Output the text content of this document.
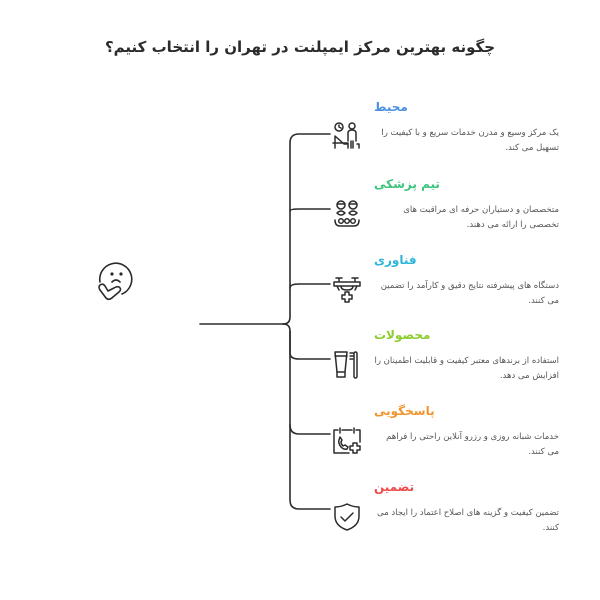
چگونه بهترین مرکز ایمپلنت در تهران را انتخاب کنیم؟
محیط
یک مرکز وسیع و مدرن خدمات سریع و با کیفیت را تسهیل می کند.
تیم پزشکی
متخصصان و دستیاران حرفه ای مراقبت های تخصصی را ارائه می دهند.
فناوری
دستگاه های پیشرفته نتایج دقیق و کارآمد را تضمین می کنند.
محصولات
استفاده از برندهای معتبر کیفیت و قابلیت اطمینان را افزایش می دهد.
پاسخگویی
خدمات شبانه روزی و رزرو آنلاین راحتی را فراهم می کنند.
تضمین
تضمین کیفیت و گزینه های اصلاح اعتماد را ایجاد می کنند.
